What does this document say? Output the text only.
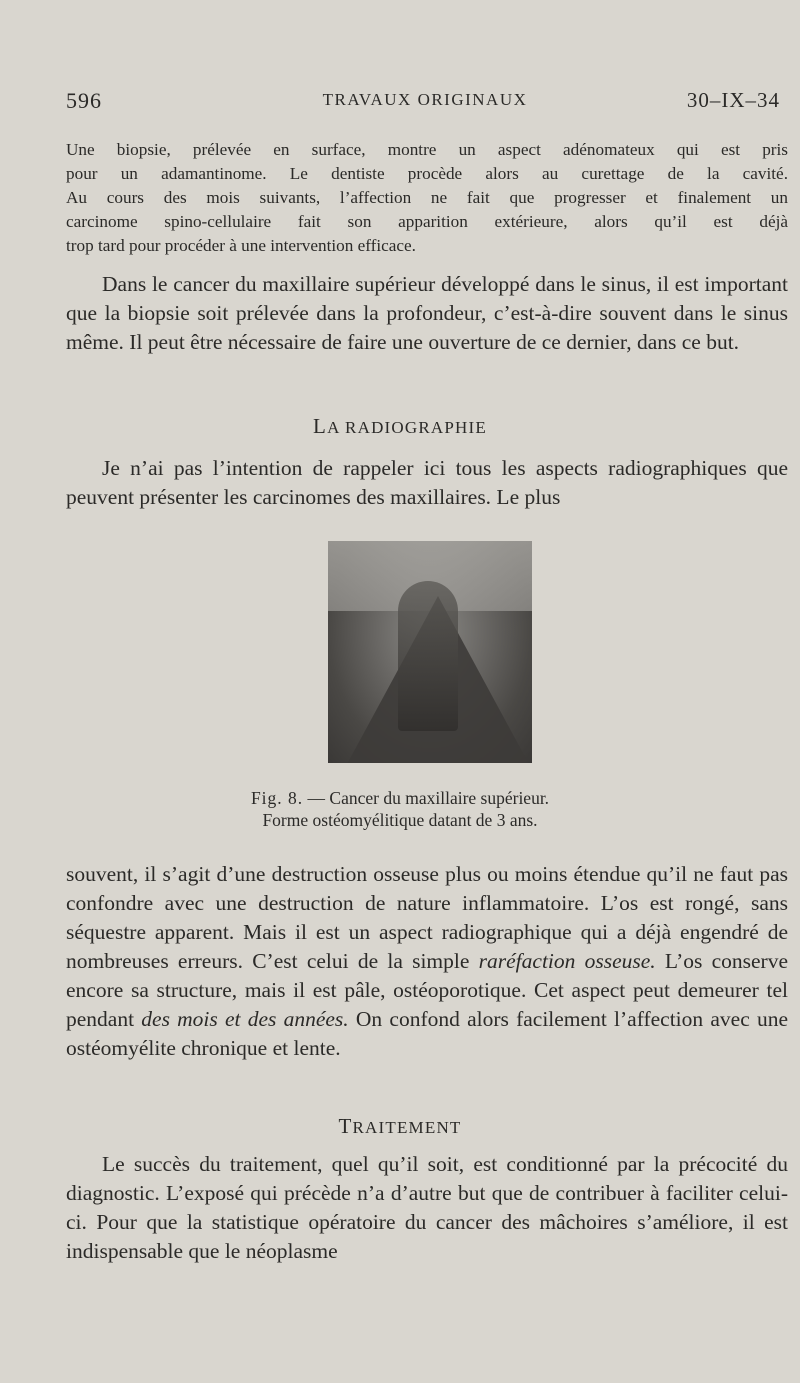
596	TRAVAUX ORIGINAUX	30–IX–34
Une biopsie, prélevée en surface, montre un aspect adénomateux qui est pris
pour un adamantinome. Le dentiste procède alors au curettage de la cavité.
Au cours des mois suivants, l’affection ne fait que progresser et finalement un
carcinome spino-cellulaire fait son apparition extérieure, alors qu’il est déjà
trop tard pour procéder à une intervention efficace.

Dans le cancer du maxillaire supérieur développé dans le sinus, il est important que la biopsie soit prélevée dans la profondeur, c’est-à-dire souvent dans le sinus même. Il peut être nécessaire de faire une ouverture de ce dernier, dans ce but.

LA RADIOGRAPHIE

Je n’ai pas l’intention de rappeler ici tous les aspects radiographiques que peuvent présenter les carcinomes des maxillaires. Le plus

Fig. 8. — Cancer du maxillaire supérieur.
Forme ostéomyélitique datant de 3 ans.

souvent, il s’agit d’une destruction osseuse plus ou moins étendue qu’il ne faut pas confondre avec une destruction de nature inflammatoire. L’os est rongé, sans séquestre apparent. Mais il est un aspect radiographique qui a déjà engendré de nombreuses erreurs. C’est celui de la simple raréfaction osseuse. L’os conserve encore sa structure, mais il est pâle, ostéoporotique. Cet aspect peut demeurer tel pendant des mois et des années. On confond alors facilement l’affection avec une ostéomyélite chronique et lente.

TRAITEMENT

Le succès du traitement, quel qu’il soit, est conditionné par la précocité du diagnostic. L’exposé qui précède n’a d’autre but que de contribuer à faciliter celui-ci. Pour que la statistique opératoire du cancer des mâchoires s’améliore, il est indispensable que le néoplasme
